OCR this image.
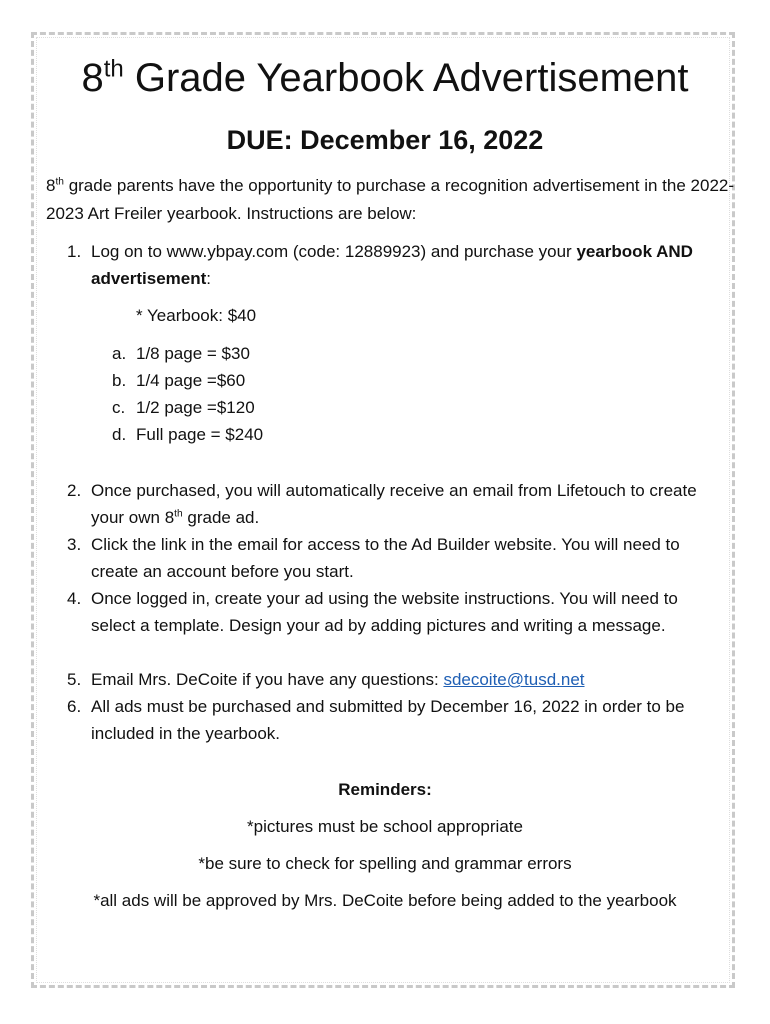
8th Grade Yearbook Advertisement
DUE: December 16, 2022

8th grade parents have the opportunity to purchase a recognition advertisement in the 2022-2023 Art Freiler yearbook. Instructions are below:

1. Log on to www.ybpay.com (code: 12889923) and purchase your yearbook AND advertisement:
* Yearbook: $40
a. 1/8 page = $30
b. 1/4 page =$60
c. 1/2 page =$120
d. Full page = $240
2. Once purchased, you will automatically receive an email from Lifetouch to create your own 8th grade ad.
3. Click the link in the email for access to the Ad Builder website. You will need to create an account before you start.
4. Once logged in, create your ad using the website instructions. You will need to select a template. Design your ad by adding pictures and writing a message.
5. Email Mrs. DeCoite if you have any questions: sdecoite@tusd.net
6. All ads must be purchased and submitted by December 16, 2022 in order to be included in the yearbook.
Reminders:
*pictures must be school appropriate
*be sure to check for spelling and grammar errors
*all ads will be approved by Mrs. DeCoite before being added to the yearbook
